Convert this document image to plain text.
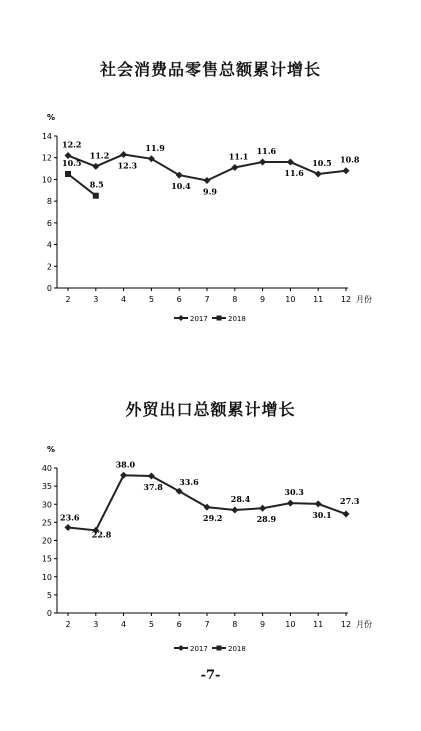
社会消费品零售总额累计增长
%
0
2
4
6
8
10
12
14
2	3	4	5	6	7	8	9	10 11 12 月份
12.2
11.2
12.3
11.9
10.4
9.9
11.1
11.6
11.6
10.5 10.8
10.5
8.5
2017	2018
外贸出口总额累计增长
%
0
5
10
15
20
25
30
35
40
2	3	4	5	6	7	8	9	10 11 12 月份
23.6
22.8
38.0
37.8 33.6
29.2
28.4
28.9
30.3
30.1
27.3
2017	2018
-7-
